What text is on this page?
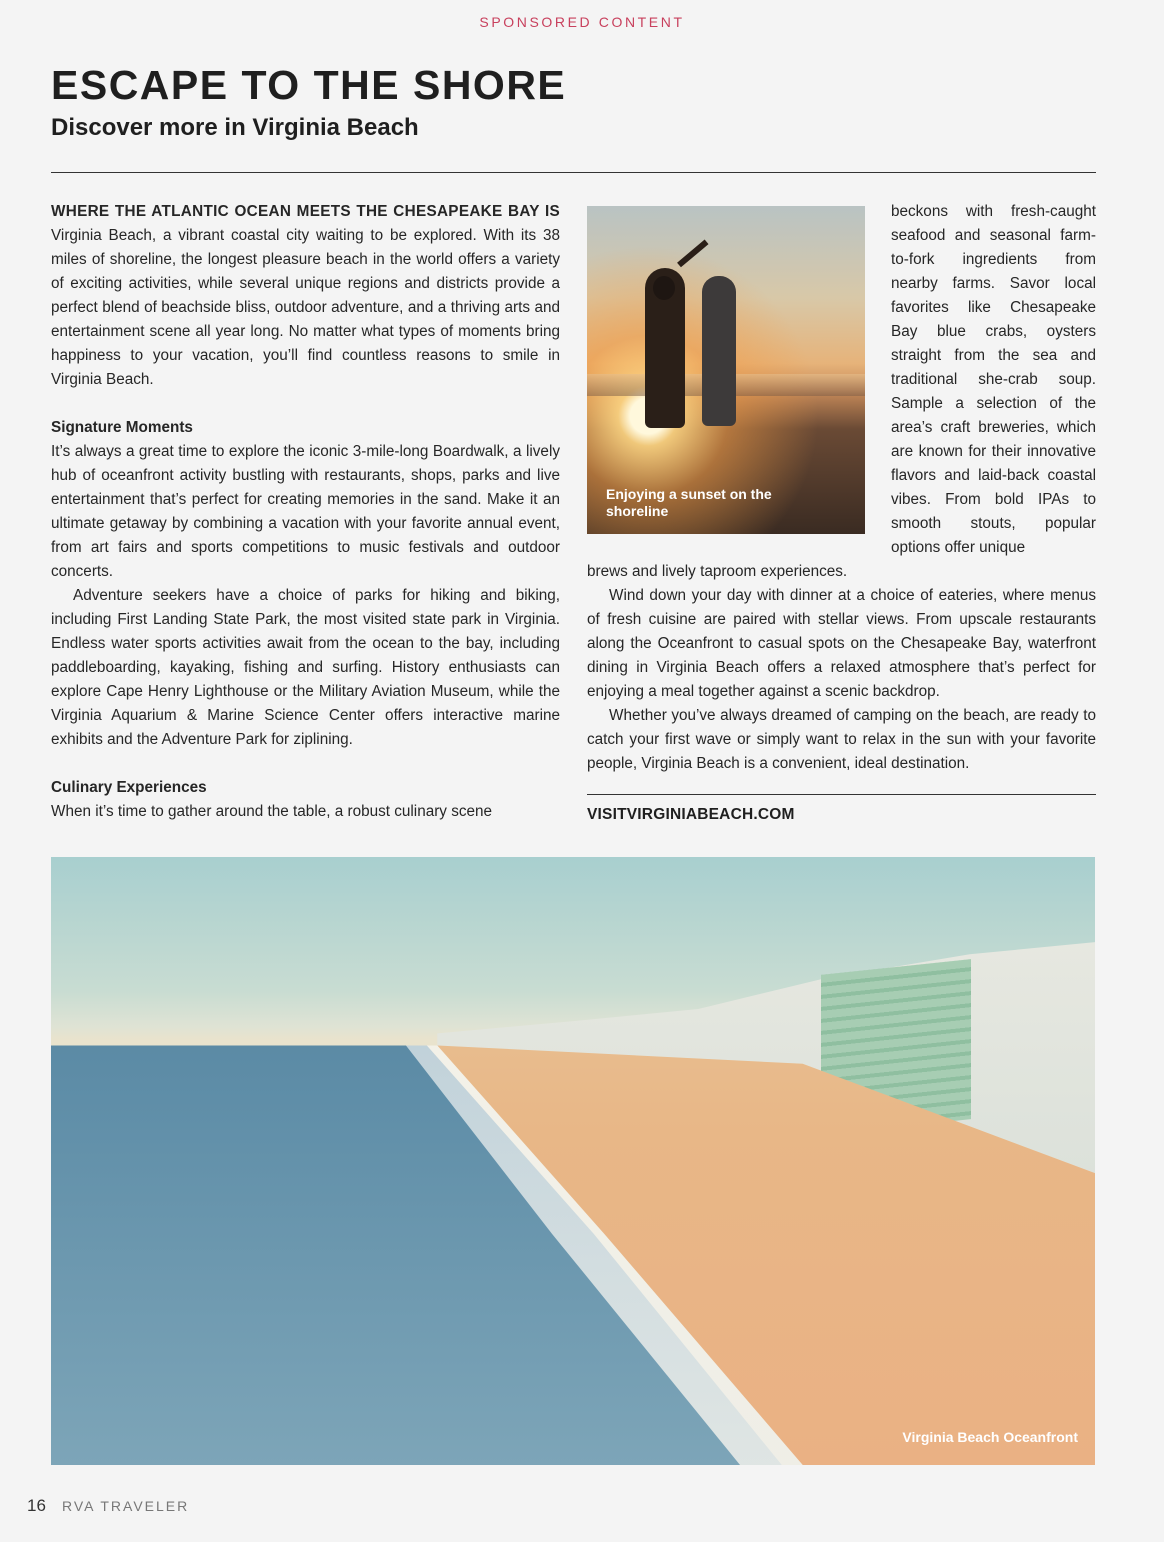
SPONSORED CONTENT
ESCAPE TO THE SHORE
Discover more in Virginia Beach

WHERE THE ATLANTIC OCEAN MEETS THE CHESAPEAKE BAY IS Virginia Beach, a vibrant coastal city waiting to be explored. With its 38 miles of shoreline, the longest pleasure beach in the world offers a variety of exciting activities, while several unique regions and districts provide a perfect blend of beachside bliss, outdoor adventure, and a thriving arts and entertainment scene all year long. No matter what types of moments bring happiness to your vacation, you’ll find countless reasons to smile in Virginia Beach.

Signature Moments

It’s always a great time to explore the iconic 3-mile-long Boardwalk, a lively hub of oceanfront activity bustling with restaurants, shops, parks and live entertainment that’s perfect for creating memories in the sand. Make it an ultimate getaway by combining a vacation with your favorite annual event, from art fairs and sports competitions to music festivals and outdoor concerts.

Adventure seekers have a choice of parks for hiking and biking, including First Landing State Park, the most visited state park in Virginia. Endless water sports activities await from the ocean to the bay, including paddleboarding, kayaking, fishing and surfing. History enthusiasts can explore Cape Henry Lighthouse or the Military Aviation Museum, while the Virginia Aquarium & Marine Science Center offers interactive marine exhibits and the Adventure Park for ziplining.

Culinary Experiences

When it’s time to gather around the table, a robust culinary scene

Enjoying a sunset on the shoreline

beckons with fresh-caught seafood and seasonal farm-to-fork ingredients from nearby farms. Savor local favorites like Chesapeake Bay blue crabs, oysters straight from the sea and traditional she-crab soup. Sample a selection of the area’s craft breweries, which are known for their innovative flavors and laid-back coastal vibes. From bold IPAs to smooth stouts, popular options offer unique

brews and lively taproom experiences.

Wind down your day with dinner at a choice of eateries, where menus of fresh cuisine are paired with stellar views. From upscale restaurants along the Oceanfront to casual spots on the Chesapeake Bay, waterfront dining in Virginia Beach offers a relaxed atmosphere that’s perfect for enjoying a meal together against a scenic backdrop.

Whether you’ve always dreamed of camping on the beach, are ready to catch your first wave or simply want to relax in the sun with your favorite people, Virginia Beach is a convenient, ideal destination.

VISITVIRGINIABEACH.COM

Virginia Beach Oceanfront
16 RVA TRAVELER
